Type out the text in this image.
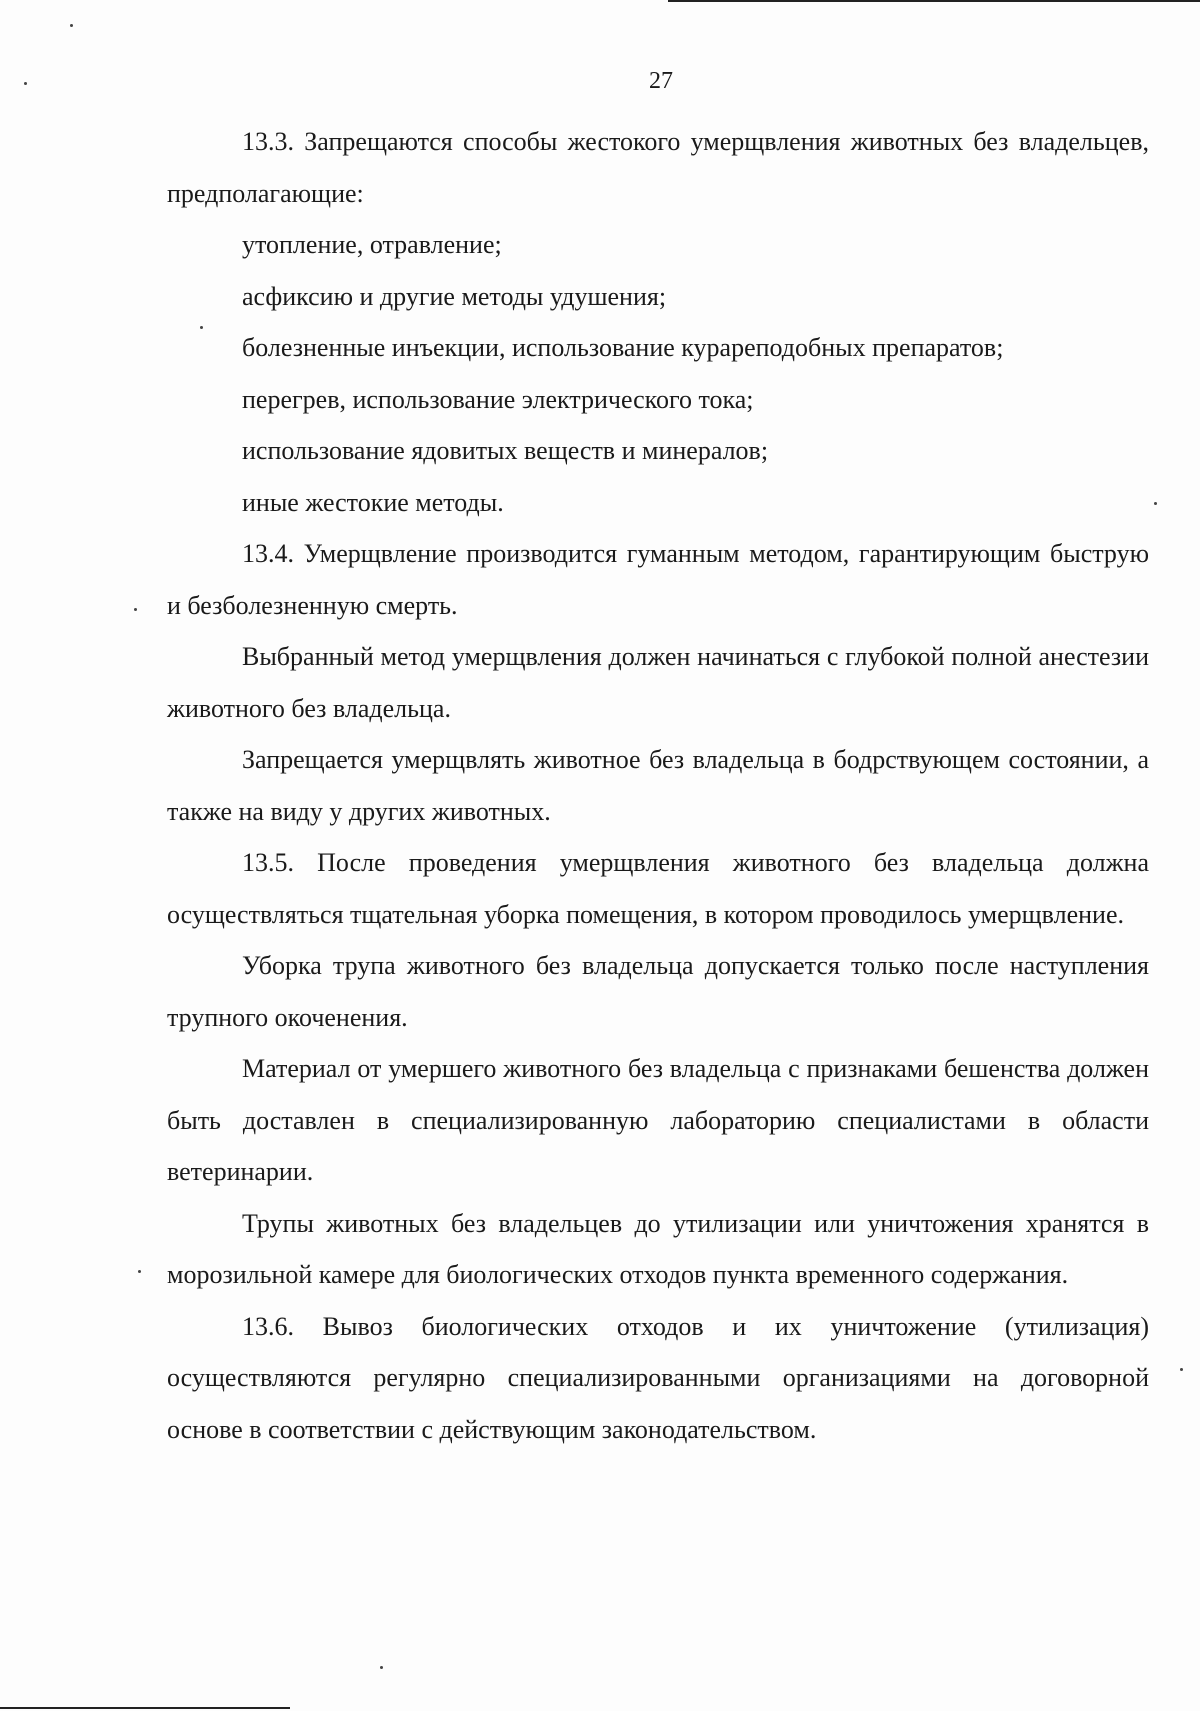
27

13.3. Запрещаются способы жестокого умерщвления животных без владельцев, предполагающие:

утопление, отравление;

асфиксию и другие методы удушения;

болезненные инъекции, использование курареподобных препаратов;

перегрев, использование электрического тока;

использование ядовитых веществ и минералов;

иные жестокие методы.

13.4. Умерщвление производится гуманным методом, гарантирующим быструю и безболезненную смерть.

Выбранный метод умерщвления должен начинаться с глубокой полной анестезии животного без владельца.

Запрещается умерщвлять животное без владельца в бодрствующем состоянии, а также на виду у других животных.

13.5. После проведения умерщвления животного без владельца должна осуществляться тщательная уборка помещения, в котором проводилось умерщвление.

Уборка трупа животного без владельца допускается только после наступления трупного окоченения.

Материал от умершего животного без владельца с признаками бешенства должен быть доставлен в специализированную лабораторию специалистами в области ветеринарии.

Трупы животных без владельцев до утилизации или уничтожения хранятся в морозильной камере для биологических отходов пункта временного содержания.

13.6. Вывоз биологических отходов и их уничтожение (утилизация) осуществляются регулярно специализированными организациями на договорной основе в соответствии с действующим законодательством.
